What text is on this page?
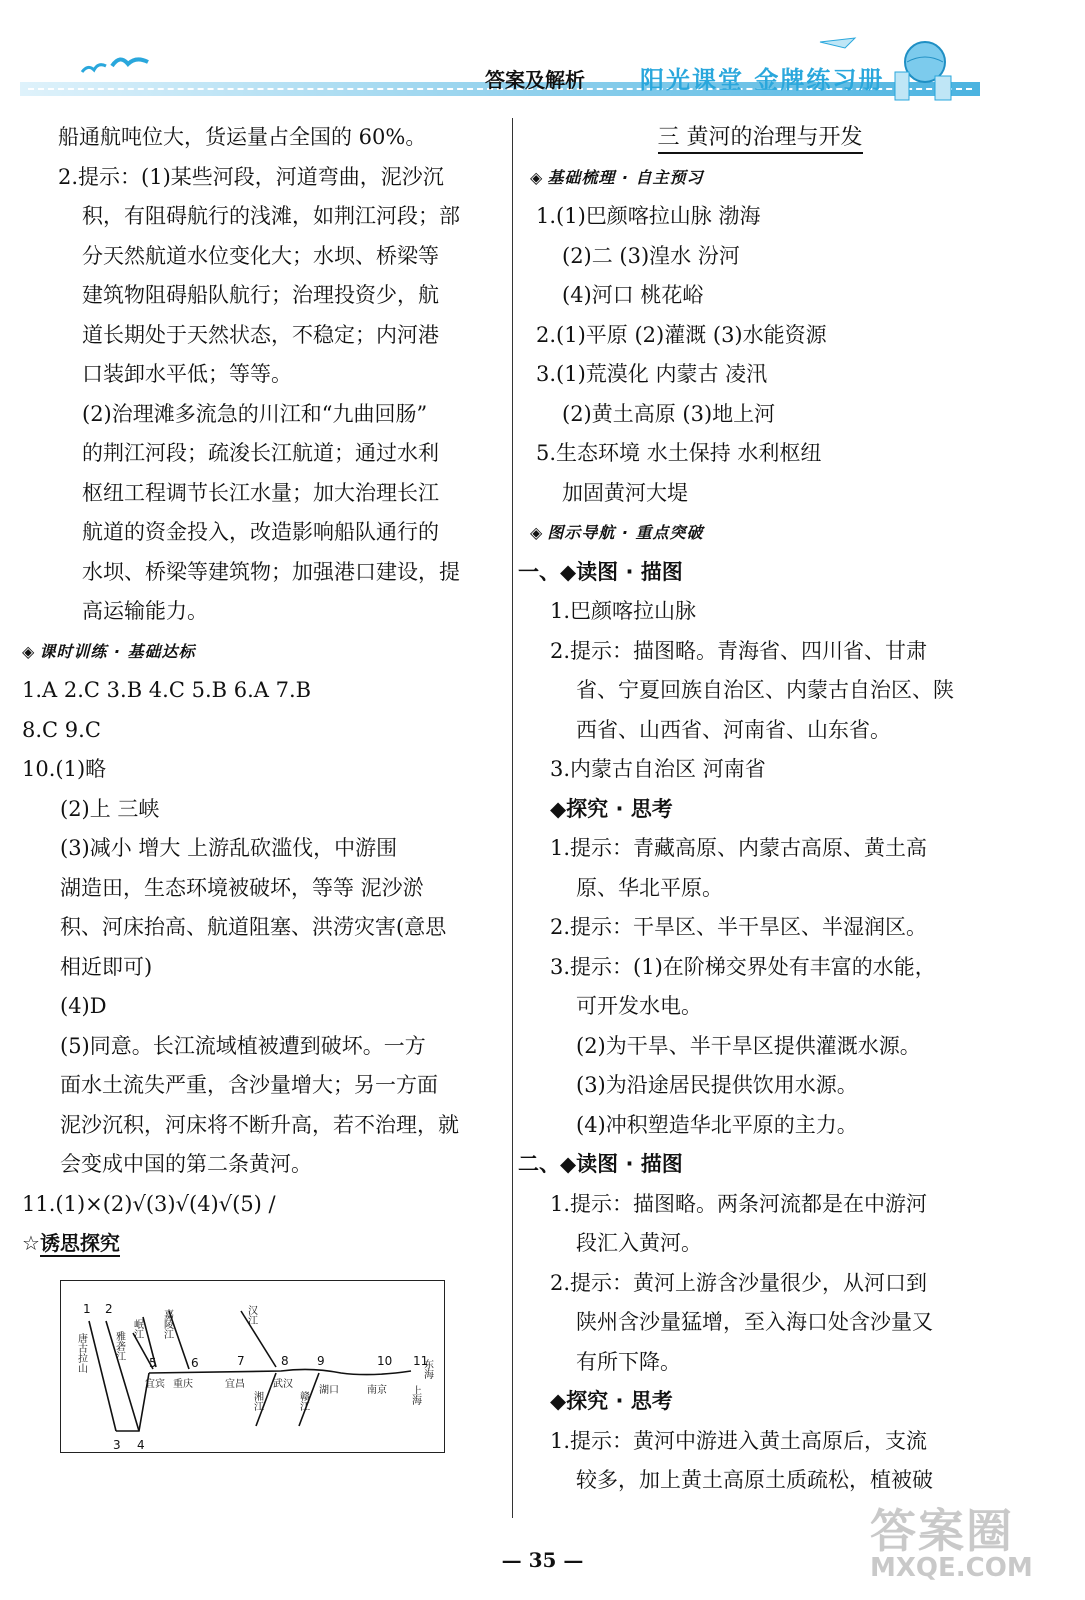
答案及解析 阳光课堂 金牌练习册
船通航吨位大，货运量占全国的 60%。
2.提示：(1)某些河段，河道弯曲，泥沙沉
积，有阻碍航行的浅滩，如荆江河段；部
分天然航道水位变化大；水坝、桥梁等
建筑物阻碍船队航行；治理投资少，航
道长期处于天然状态，不稳定；内河港
口装卸水平低；等等。
(2)治理滩多流急的川江和“九曲回肠”
的荆江河段；疏浚长江航道；通过水利
枢纽工程调节长江水量；加大治理长江
航道的资金投入，改造影响船队通行的
水坝、桥梁等建筑物；加强港口建设，提
高运输能力。
◈ 课时训练 · 基础达标
1.A 2.C 3.B 4.C 5.B 6.A 7.B
8.C 9.C
10.(1)略
(2)上 三峡
(3)减小 增大 上游乱砍滥伐，中游围
湖造田，生态环境被破坏，等等 泥沙淤
积、河床抬高、航道阻塞、洪涝灾害(意思
相近即可)
(4)D
(5)同意。长江流域植被遭到破坏。一方
面水土流失严重，含沙量增大；另一方面
泥沙沉积，河床将不断升高，若不治理，就
会变成中国的第二条黄河。
11.(1)×(2)√(3)√(4)√(5) /
☆诱思探究
1 2
3 4
5	6	7	8 9	10 11
唐古拉山	雅砻江
岷江 嘉陵江	汉江
湘江	赣江
东海
宜宾 重庆	宜昌	武汉
湖口	南京 上海
三 黄河的治理与开发
◈ 基础梳理 · 自主预习
1.(1)巴颜喀拉山脉 渤海
(2)二 (3)湟水 汾河
(4)河口 桃花峪
2.(1)平原 (2)灌溉 (3)水能资源
3.(1)荒漠化 内蒙古 凌汛
(2)黄土高原 (3)地上河
5.生态环境 水土保持 水利枢纽
加固黄河大堤
◈ 图示导航 · 重点突破
一、◆读图 · 描图
1.巴颜喀拉山脉
2.提示：描图略。青海省、四川省、甘肃
省、宁夏回族自治区、内蒙古自治区、陕
西省、山西省、河南省、山东省。
3.内蒙古自治区 河南省
◆探究 · 思考
1.提示：青藏高原、内蒙古高原、黄土高
原、华北平原。
2.提示：干旱区、半干旱区、半湿润区。
3.提示：(1)在阶梯交界处有丰富的水能，
可开发水电。
(2)为干旱、半干旱区提供灌溉水源。
(3)为沿途居民提供饮用水源。
(4)冲积塑造华北平原的主力。
二、◆读图 · 描图
1.提示：描图略。两条河流都是在中游河
段汇入黄河。
2.提示：黄河上游含沙量很少，从河口到
陕州含沙量猛增，至入海口处含沙量又
有所下降。
◆探究 · 思考
1.提示：黄河中游进入黄土高原后，支流
较多，加上黄土高原土质疏松，植被破
— 35 —
答案圈
MXQE.COM
